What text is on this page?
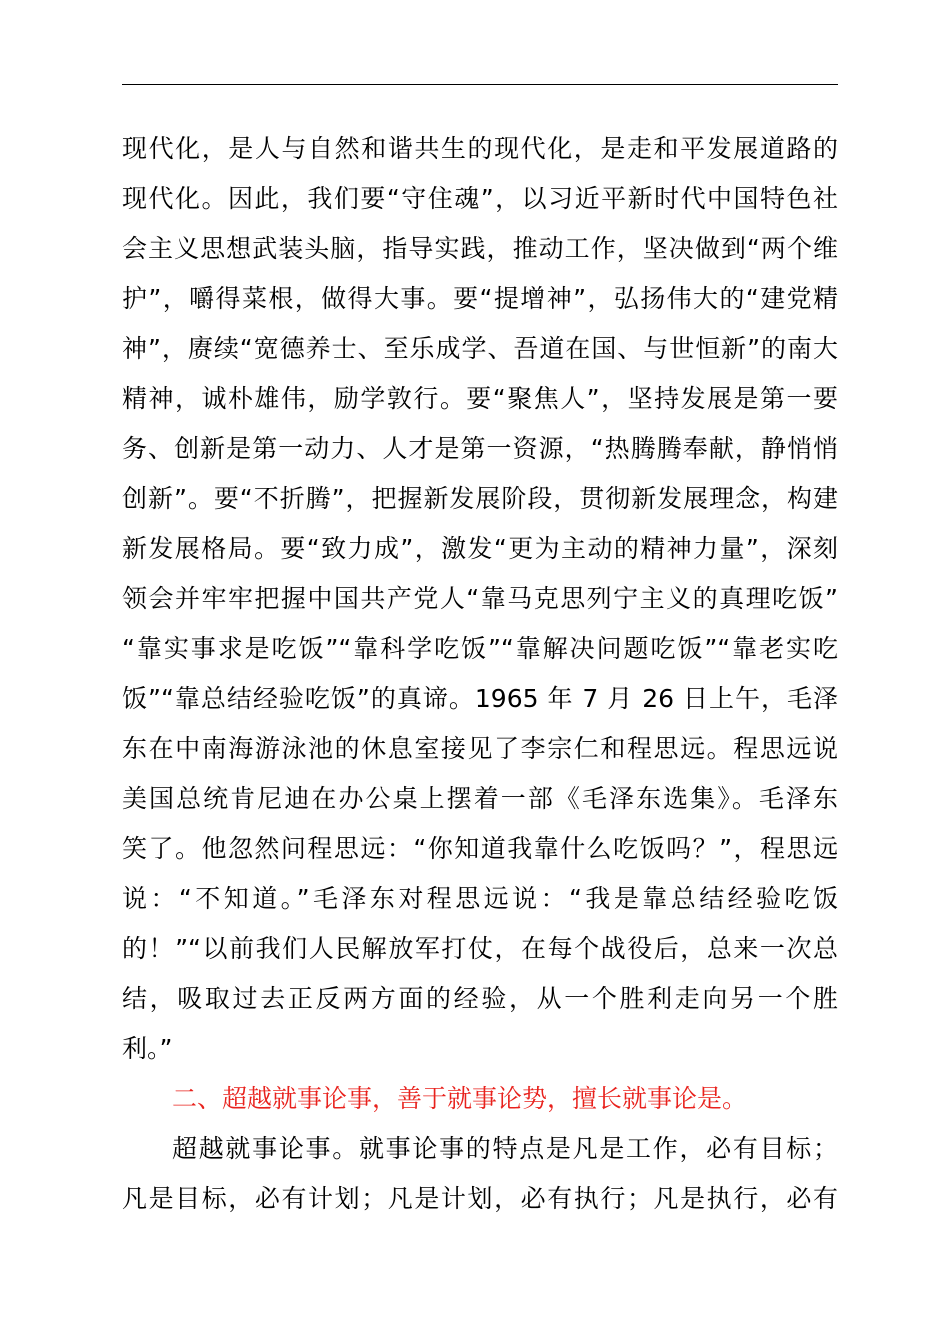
现代化，是人与自然和谐共生的现代化，是走和平发展道路的
现代化。因此，我们要“守住魂”，以习近平新时代中国特色社
会主义思想武装头脑，指导实践，推动工作，坚决做到“两个维
护”，嚼得菜根，做得大事。要“提增神”，弘扬伟大的“建党精
神”，赓续“宽德养士、至乐成学、吾道在国、与世恒新”的南大
精神，诚朴雄伟，励学敦行。要“聚焦人”，坚持发展是第一要
务、创新是第一动力、人才是第一资源，“热腾腾奉献，静悄悄
创新”。要“不折腾”，把握新发展阶段，贯彻新发展理念，构建
新发展格局。要“致力成”，激发“更为主动的精神力量”，深刻
领会并牢牢把握中国共产党人“靠马克思列宁主义的真理吃饭”
“靠实事求是吃饭”“靠科学吃饭”“靠解决问题吃饭”“靠老实吃
饭”“靠总结经验吃饭”的真谛。1965 年 7 月 26 日上午，毛泽
东在中南海游泳池的休息室接见了李宗仁和程思远。程思远说
美国总统肯尼迪在办公桌上摆着一部《毛泽东选集》。毛泽东
笑了。他忽然问程思远：“你知道我靠什么吃饭吗？”，程思远
说：“不知道。”毛泽东对程思远说：“我是靠总结经验吃饭
的！”“以前我们人民解放军打仗，在每个战役后，总来一次总
结，吸取过去正反两方面的经验，从一个胜利走向另一个胜
利。”
二、超越就事论事，善于就事论势，擅长就事论是。
超越就事论事。就事论事的特点是凡是工作，必有目标；
凡是目标，必有计划；凡是计划，必有执行；凡是执行，必有
